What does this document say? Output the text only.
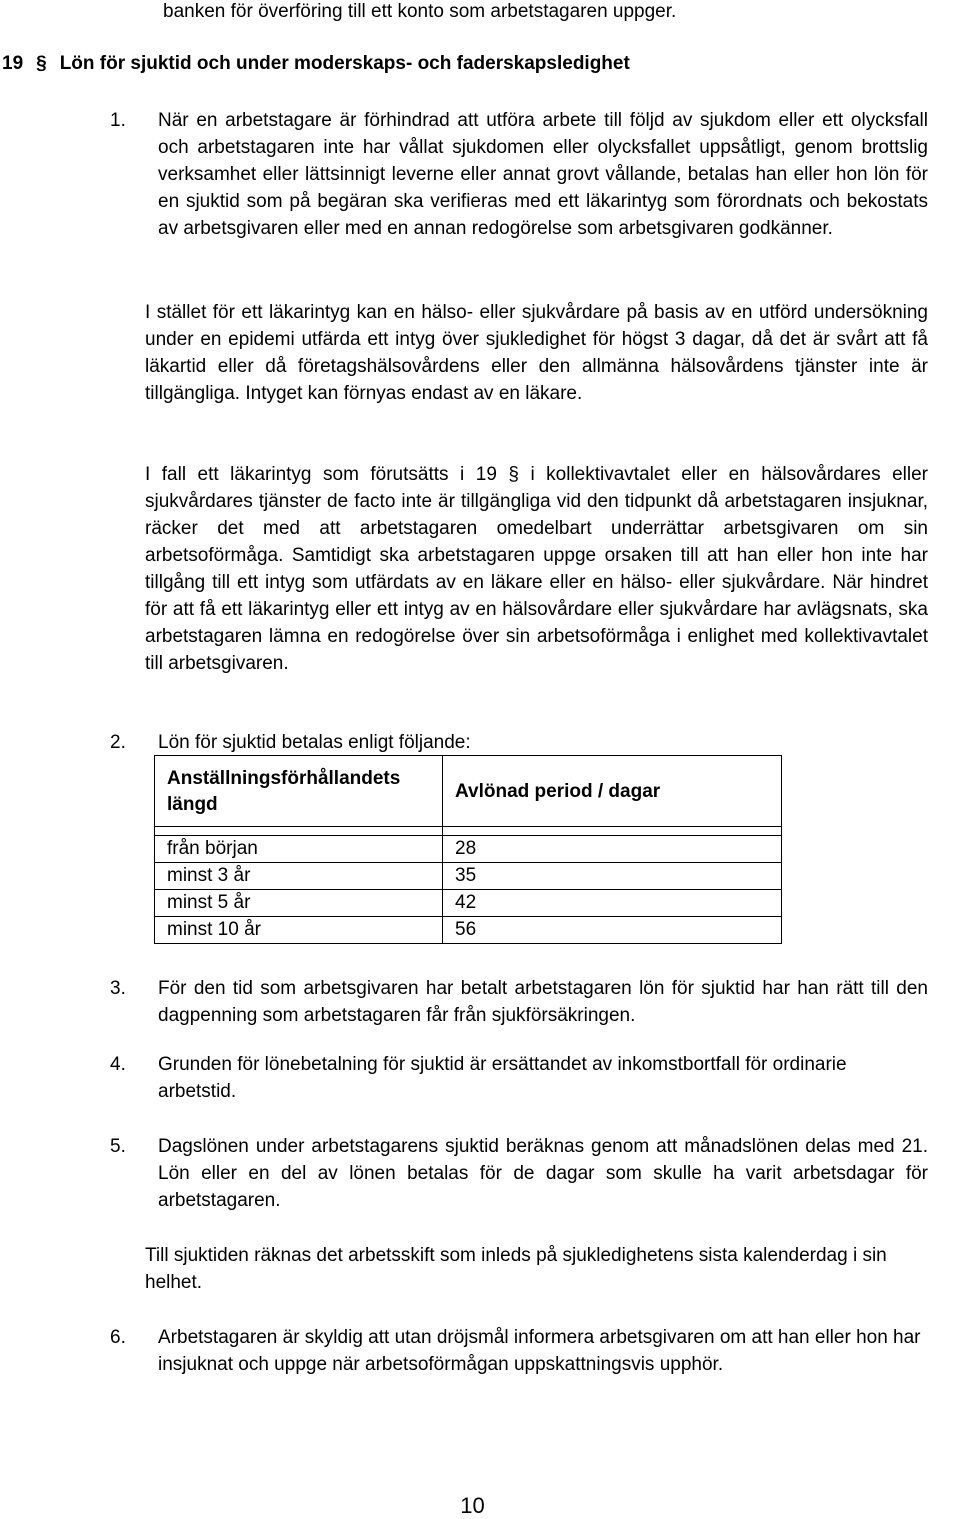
banken för överföring till ett konto som arbetstagaren uppger.

19 § Lön för sjuktid och under moderskaps- och faderskapsledighet
1.	När en arbetstagare är förhindrad att utföra arbete till följd av sjukdom eller ett olycksfall och arbetstagaren inte har vållat sjukdomen eller olycksfallet uppsåtligt, genom brottslig verksamhet eller lättsinnigt leverne eller annat grovt vållande, betalas han eller hon lön för en sjuktid som på begäran ska verifieras med ett läkarintyg som förordnats och bekostats av arbetsgivaren eller med en annan redogörelse som arbetsgivaren godkänner.

I stället för ett läkarintyg kan en hälso- eller sjukvårdare på basis av en utförd undersökning under en epidemi utfärda ett intyg över sjukledighet för högst 3 dagar, då det är svårt att få läkartid eller då företagshälsovårdens eller den allmänna hälsovårdens tjänster inte är tillgängliga. Intyget kan förnyas endast av en läkare.

I fall ett läkarintyg som förutsätts i 19 § i kollektivavtalet eller en hälsovårdares eller sjukvårdares tjänster de facto inte är tillgängliga vid den tidpunkt då arbetstagaren insjuknar, räcker det med att arbetstagaren omedelbart underrättar arbetsgivaren om sin arbetsoförmåga. Samtidigt ska arbetstagaren uppge orsaken till att han eller hon inte har tillgång till ett intyg som utfärdats av en läkare eller en hälso- eller sjukvårdare. När hindret för att få ett läkarintyg eller ett intyg av en hälsovårdare eller sjukvårdare har avlägsnats, ska arbetstagaren lämna en redogörelse över sin arbetsoförmåga i enlighet med kollektivavtalet till arbetsgivaren.

2.	Lön för sjuktid betalas enligt följande:

Anställningsförhållandets längd	Avlönad period / dagar

från början	28
minst 3 år	35
minst 5 år	42
minst 10 år	56
3.	För den tid som arbetsgivaren har betalt arbetstagaren lön för sjuktid har han rätt till den dagpenning som arbetstagaren får från sjukförsäkringen.

4.	Grunden för lönebetalning för sjuktid är ersättandet av inkomstbortfall för ordinarie arbetstid.

5.	Dagslönen under arbetstagarens sjuktid beräknas genom att månadslönen delas med 21. Lön eller en del av lönen betalas för de dagar som skulle ha varit arbetsdagar för arbetstagaren.

Till sjuktiden räknas det arbetsskift som inleds på sjukledighetens sista kalenderdag i sin helhet.

6.	Arbetstagaren är skyldig att utan dröjsmål informera arbetsgivaren om att han eller hon har insjuknat och uppge när arbetsoförmågan uppskattningsvis upphör.

10
